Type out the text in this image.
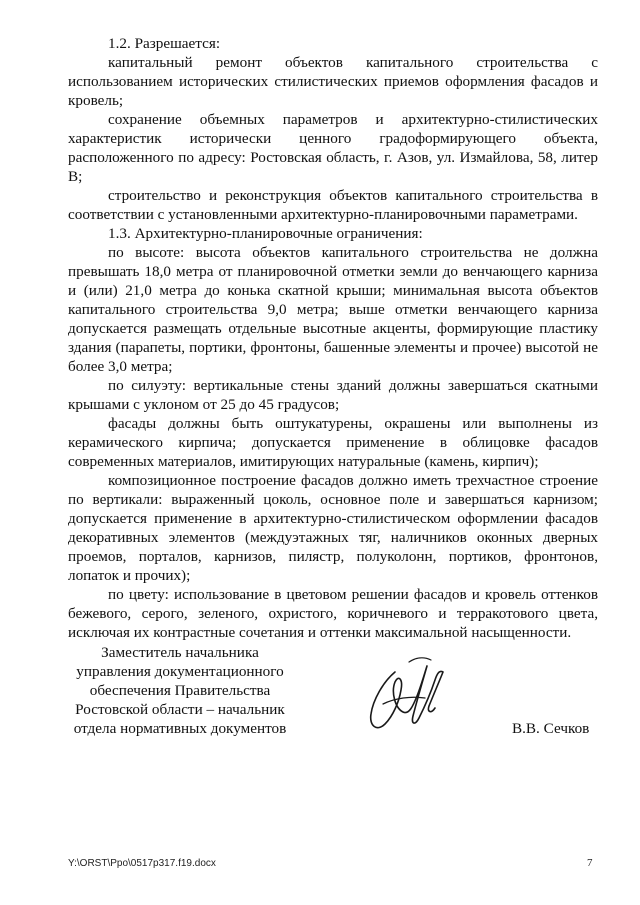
1.2. Разрешается:

капитальный ремонт объектов капитального строительства с использованием исторических стилистических приемов оформления фасадов и кровель;

сохранение объемных параметров и архитектурно-стилистических характеристик исторически ценного градоформирующего объекта, расположенного по адресу: Ростовская область, г. Азов, ул. Измайлова, 58, литер В;

строительство и реконструкция объектов капитального строительства в соответствии с установленными архитектурно-планировочными параметрами.

1.3. Архитектурно-планировочные ограничения:

по высоте: высота объектов капитального строительства не должна превышать 18,0 метра от планировочной отметки земли до венчающего карниза и (или) 21,0 метра до конька скатной крыши; минимальная высота объектов капитального строительства 9,0 метра; выше отметки венчающего карниза допускается размещать отдельные высотные акценты, формирующие пластику здания (парапеты, портики, фронтоны, башенные элементы и прочее) высотой не более 3,0 метра;

по силуэту: вертикальные стены зданий должны завершаться скатными крышами с уклоном от 25 до 45 градусов;

фасады должны быть оштукатурены, окрашены или выполнены из керамического кирпича; допускается применение в облицовке фасадов современных материалов, имитирующих натуральные (камень, кирпич);

композиционное построение фасадов должно иметь трехчастное строение по вертикали: выраженный цоколь, основное поле и завершаться карнизом; допускается применение в архитектурно-стилистическом оформлении фасадов декоративных элементов (междуэтажных тяг, наличников оконных дверных проемов, порталов, карнизов, пилястр, полуколонн, портиков, фронтонов, лопаток и прочих);

по цвету: использование в цветовом решении фасадов и кровель оттенков бежевого, серого, зеленого, охристого, коричневого и терракотового цвета, исключая их контрастные сочетания и оттенки максимальной насыщенности.

Заместитель начальника
управления документационного
обеспечения Правительства
Ростовской области – начальник
отдела нормативных документов	В.В. Сечков
Y:\ORST\Ppo\0517p317.f19.docx	7
